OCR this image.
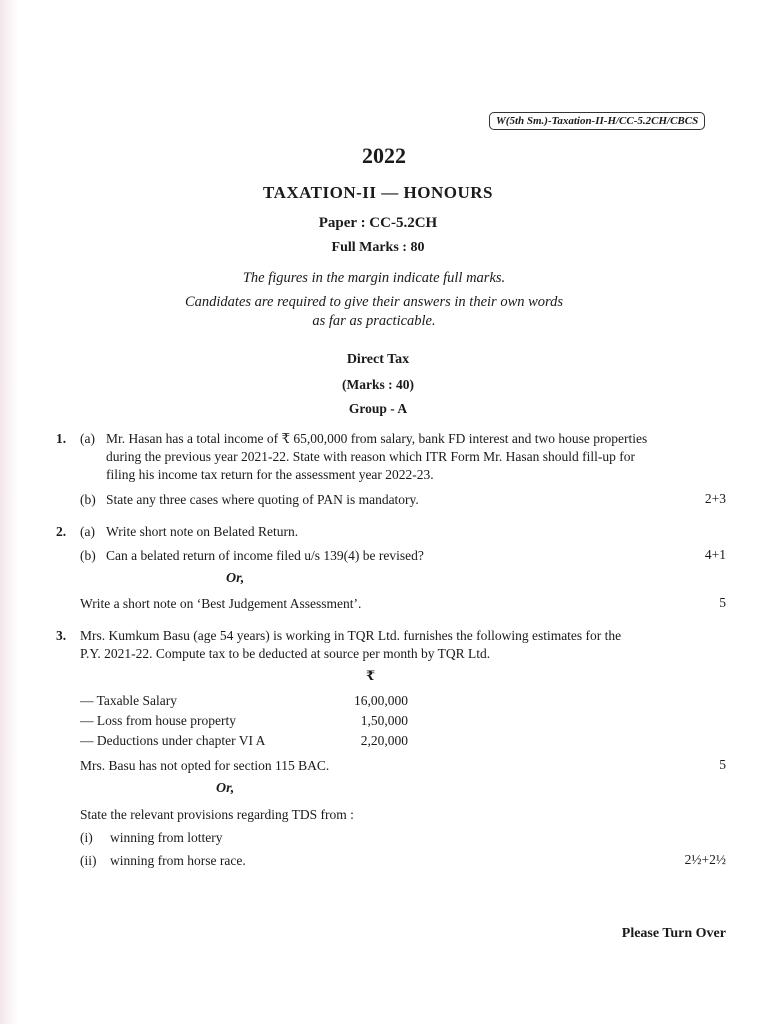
W(5th Sm.)-Taxation-II-H/CC-5.2CH/CBCS
2022
TAXATION-II — HONOURS
Paper : CC-5.2CH
Full Marks : 80
The figures in the margin indicate full marks.
Candidates are required to give their answers in their own words
as far as practicable.
Direct Tax
(Marks : 40)
Group - A
1. (a) Mr. Hasan has a total income of ₹ 65,00,000 from salary, bank FD interest and two house properties
during the previous year 2021-22. State with reason which ITR Form Mr. Hasan should fill-up for
filing his income tax return for the assessment year 2022-23.
(b) State any three cases where quoting of PAN is mandatory.	2+3
2. (a) Write short note on Belated Return.
(b) Can a belated return of income filed u/s 139(4) be revised?	4+1
Or,
Write a short note on ‘Best Judgement Assessment’.	5
3. Mrs. Kumkum Basu (age 54 years) is working in TQR Ltd. furnishes the following estimates for the
P.Y. 2021-22. Compute tax to be deducted at source per month by TQR Ltd.
₹
— Taxable Salary	16,00,000
— Loss from house property	1,50,000
— Deductions under chapter VI A	2,20,000
Mrs. Basu has not opted for section 115 BAC.	5
Or,
State the relevant provisions regarding TDS from :
(i) winning from lottery
(ii) winning from horse race.	2½+2½
Please Turn Over
